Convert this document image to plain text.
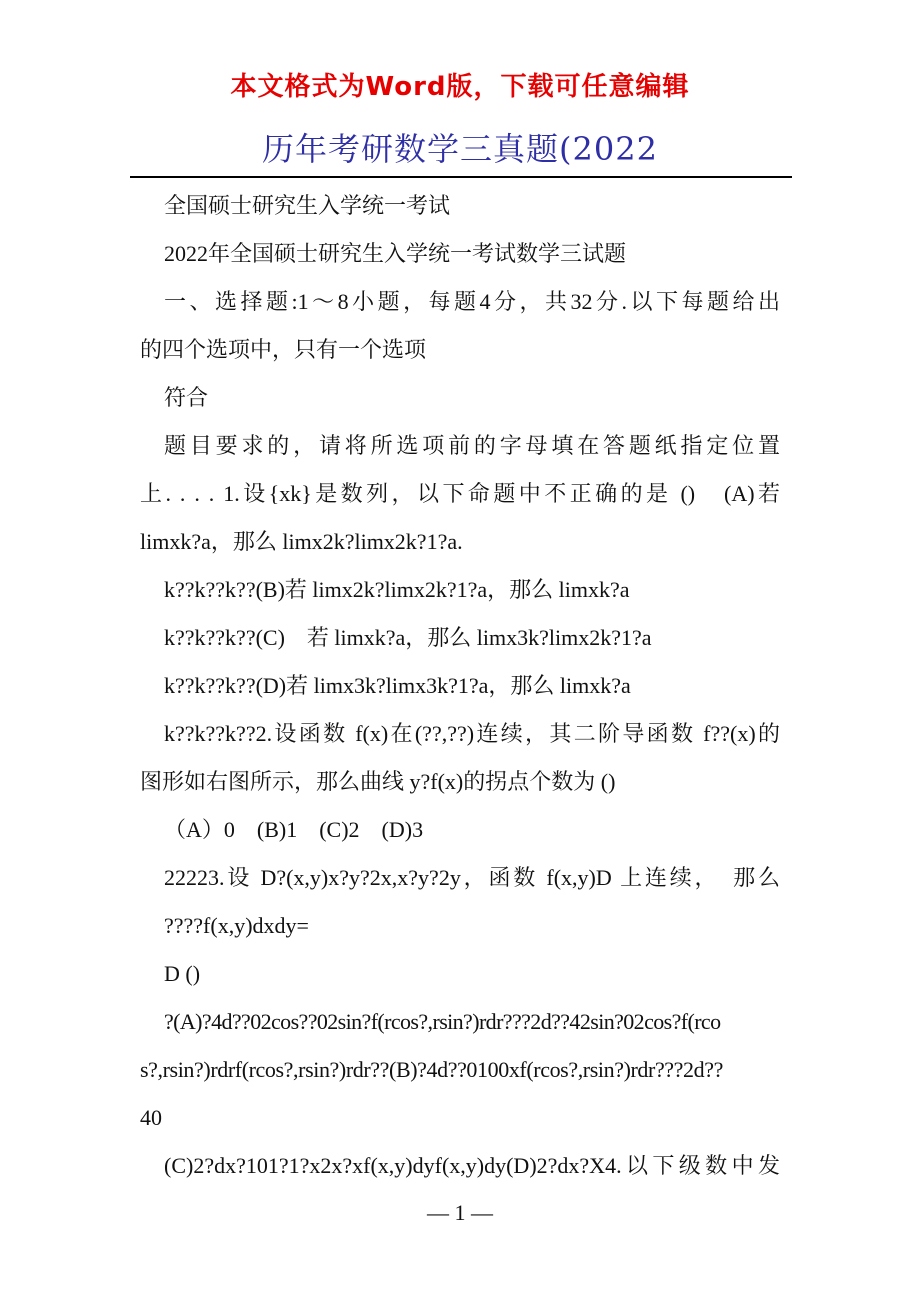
本文格式为Word版，下载可任意编辑
历年考研数学三真题(2022
全国硕士研究生入学统一考试
2022年全国硕士研究生入学统一考试数学三试题
一、选择题:1～8小题，每题4分，共32分.以下每题给出
的四个选项中，只有一个选项
符合
题目要求的，请将所选项前的字母填在答题纸指定位置
上. . . . 1.设{xk}是数列，以下命题中不正确的是 ()　(A)若
limxk?a，那么 limx2k?limx2k?1?a.
k??k??k??(B)若 limx2k?limx2k?1?a，那么 limxk?a
k??k??k??(C)　若 limxk?a，那么 limx3k?limx2k?1?a
k??k??k??(D)若 limx3k?limx3k?1?a，那么 limxk?a
k??k??k??2.设函数 f(x)在(??,??)连续，其二阶导函数 f??(x)的
图形如右图所示，那么曲线 y?f(x)的拐点个数为 ()
（A）0　(B)1　(C)2　(D)3
22223.设 D?(x,y)x?y?2x,x?y?2y，函数 f(x,y)D 上连续，　那么
????f(x,y)dxdy=
D ()
?(A)?4d??02cos??02sin?f(rcos?,rsin?)rdr???2d??42sin?02cos?f(rco
s?,rsin?)rdrf(rcos?,rsin?)rdr??(B)?4d??0100xf(rcos?,rsin?)rdr???2d??
40
(C)2?dx?101?1?x2x?xf(x,y)dyf(x,y)dy(D)2?dx?X4.以下级数中发
— 1 —
